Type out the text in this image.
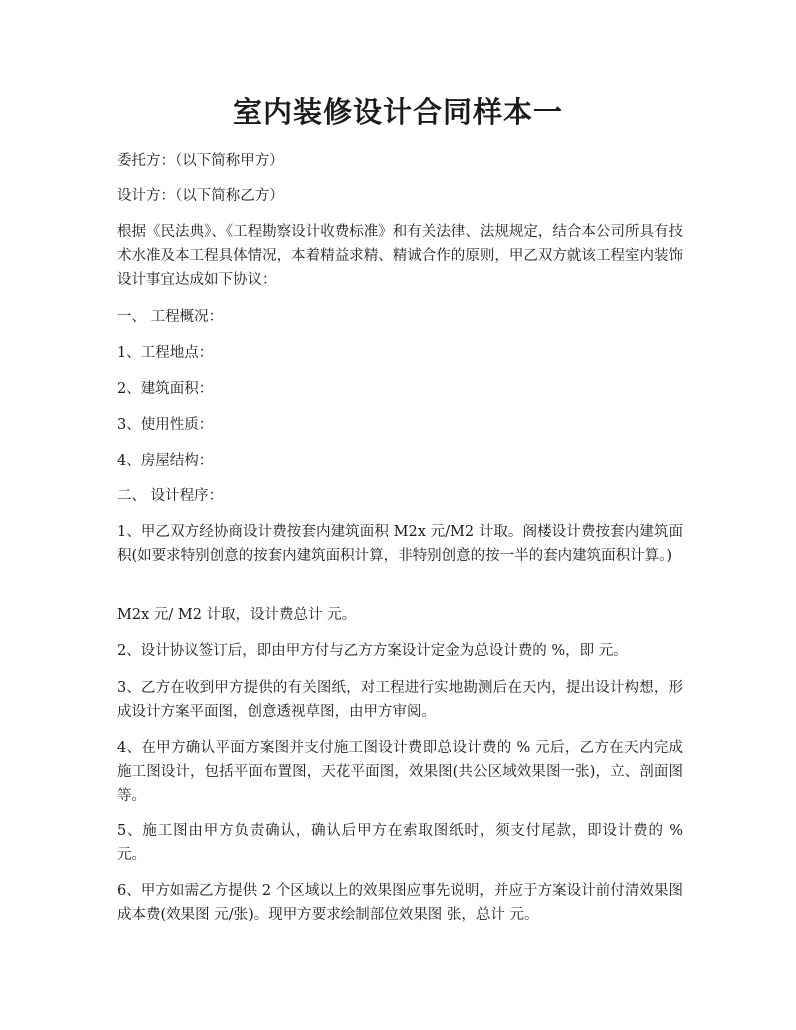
室内装修设计合同样本一

委托方：（以下简称甲方）

设计方：（以下简称乙方）

根据《民法典》、《工程勘察设计收费标准》和有关法律、法规规定，结合本公司所具有技术水准及本工程具体情况，本着精益求精、精诚合作的原则，甲乙双方就该工程室内装饰设计事宜达成如下协议：

一、 工程概况：

1、工程地点：

2、建筑面积：

3、使用性质：

4、房屋结构：

二、 设计程序：

1、甲乙双方经协商设计费按套内建筑面积 M2x 元/M2 计取。阁楼设计费按套内建筑面积(如要求特别创意的按套内建筑面积计算，非特别创意的按一半的套内建筑面积计算。)

M2x 元/ M2 计取，设计费总计 元。

2、设计协议签订后，即由甲方付与乙方方案设计定金为总设计费的 %，即 元。

3、乙方在收到甲方提供的有关图纸，对工程进行实地勘测后在天内，提出设计构想，形成设计方案平面图，创意透视草图，由甲方审阅。

4、在甲方确认平面方案图并支付施工图设计费即总设计费的 % 元后，乙方在天内完成施工图设计，包括平面布置图，天花平面图，效果图(共公区域效果图一张)，立、剖面图等。

5、施工图由甲方负责确认，确认后甲方在索取图纸时，须支付尾款，即设计费的 % 元。

6、甲方如需乙方提供 2 个区域以上的效果图应事先说明，并应于方案设计前付清效果图成本费(效果图 元/张)。现甲方要求绘制部位效果图 张，总计 元。
